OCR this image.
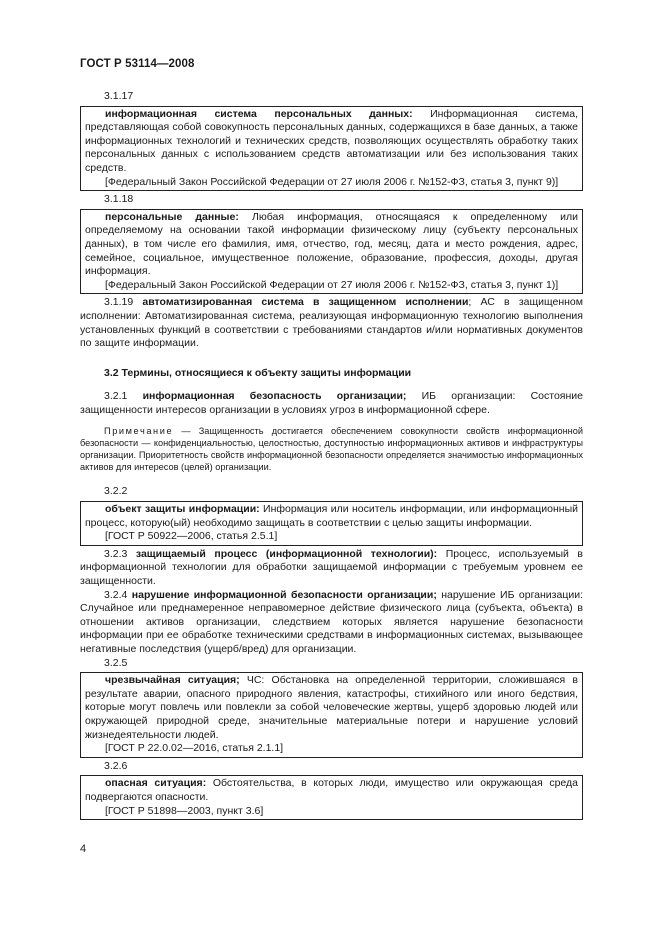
ГОСТ Р 53114—2008
3.1.17

информационная система персональных данных: Информационная система, представляющая собой совокупность персональных данных, содержащихся в базе данных, а также информационных технологий и технических средств, позволяющих осуществлять обработку таких персональных данных с использованием средств автоматизации или без использования таких средств.

[Федеральный Закон Российской Федерации от 27 июля 2006 г. №152-ФЗ, статья 3, пункт 9)]

3.1.18

персональные данные: Любая информация, относящаяся к определенному или определяемому на основании такой информации физическому лицу (субъекту персональных данных), в том числе его фамилия, имя, отчество, год, месяц, дата и место рождения, адрес, семейное, социальное, имущественное положение, образование, профессия, доходы, другая информация.

[Федеральный Закон Российской Федерации от 27 июля 2006 г. №152-ФЗ, статья 3, пункт 1)]

3.1.19 автоматизированная система в защищенном исполнении; АС в защищенном исполнении: Автоматизированная система, реализующая информационную технологию выполнения установленных функций в соответствии с требованиями стандартов и/или нормативных документов по защите информации.

3.2 Термины, относящиеся к объекту защиты информации

3.2.1 информационная безопасность организации; ИБ организации: Состояние защищенности интересов организации в условиях угроз в информационной сфере.

Примечание — Защищенность достигается обеспечением совокупности свойств информационной безопасности — конфиденциальностью, целостностью, доступностью информационных активов и инфраструктуры организации. Приоритетность свойств информационной безопасности определяется значимостью информационных активов для интересов (целей) организации.

3.2.2

объект защиты информации: Информация или носитель информации, или информационный процесс, которую(ый) необходимо защищать в соответствии с целью защиты информации.

[ГОСТ Р 50922—2006, статья 2.5.1]

3.2.3 защищаемый процесс (информационной технологии): Процесс, используемый в информационной технологии для обработки защищаемой информации с требуемым уровнем ее защищенности.

3.2.4 нарушение информационной безопасности организации; нарушение ИБ организации: Случайное или преднамеренное неправомерное действие физического лица (субъекта, объекта) в отношении активов организации, следствием которых является нарушение безопасности информации при ее обработке техническими средствами в информационных системах, вызывающее негативные последствия (ущерб/вред) для организации.

3.2.5

чрезвычайная ситуация; ЧС: Обстановка на определенной территории, сложившаяся в результате аварии, опасного природного явления, катастрофы, стихийного или иного бедствия, которые могут повлечь или повлекли за собой человеческие жертвы, ущерб здоровью людей или окружающей природной среде, значительные материальные потери и нарушение условий жизнедеятельности людей.

[ГОСТ Р 22.0.02—2016, статья 2.1.1]

3.2.6

опасная ситуация: Обстоятельства, в которых люди, имущество или окружающая среда подвергаются опасности.

[ГОСТ Р 51898—2003, пункт 3.6]

4
